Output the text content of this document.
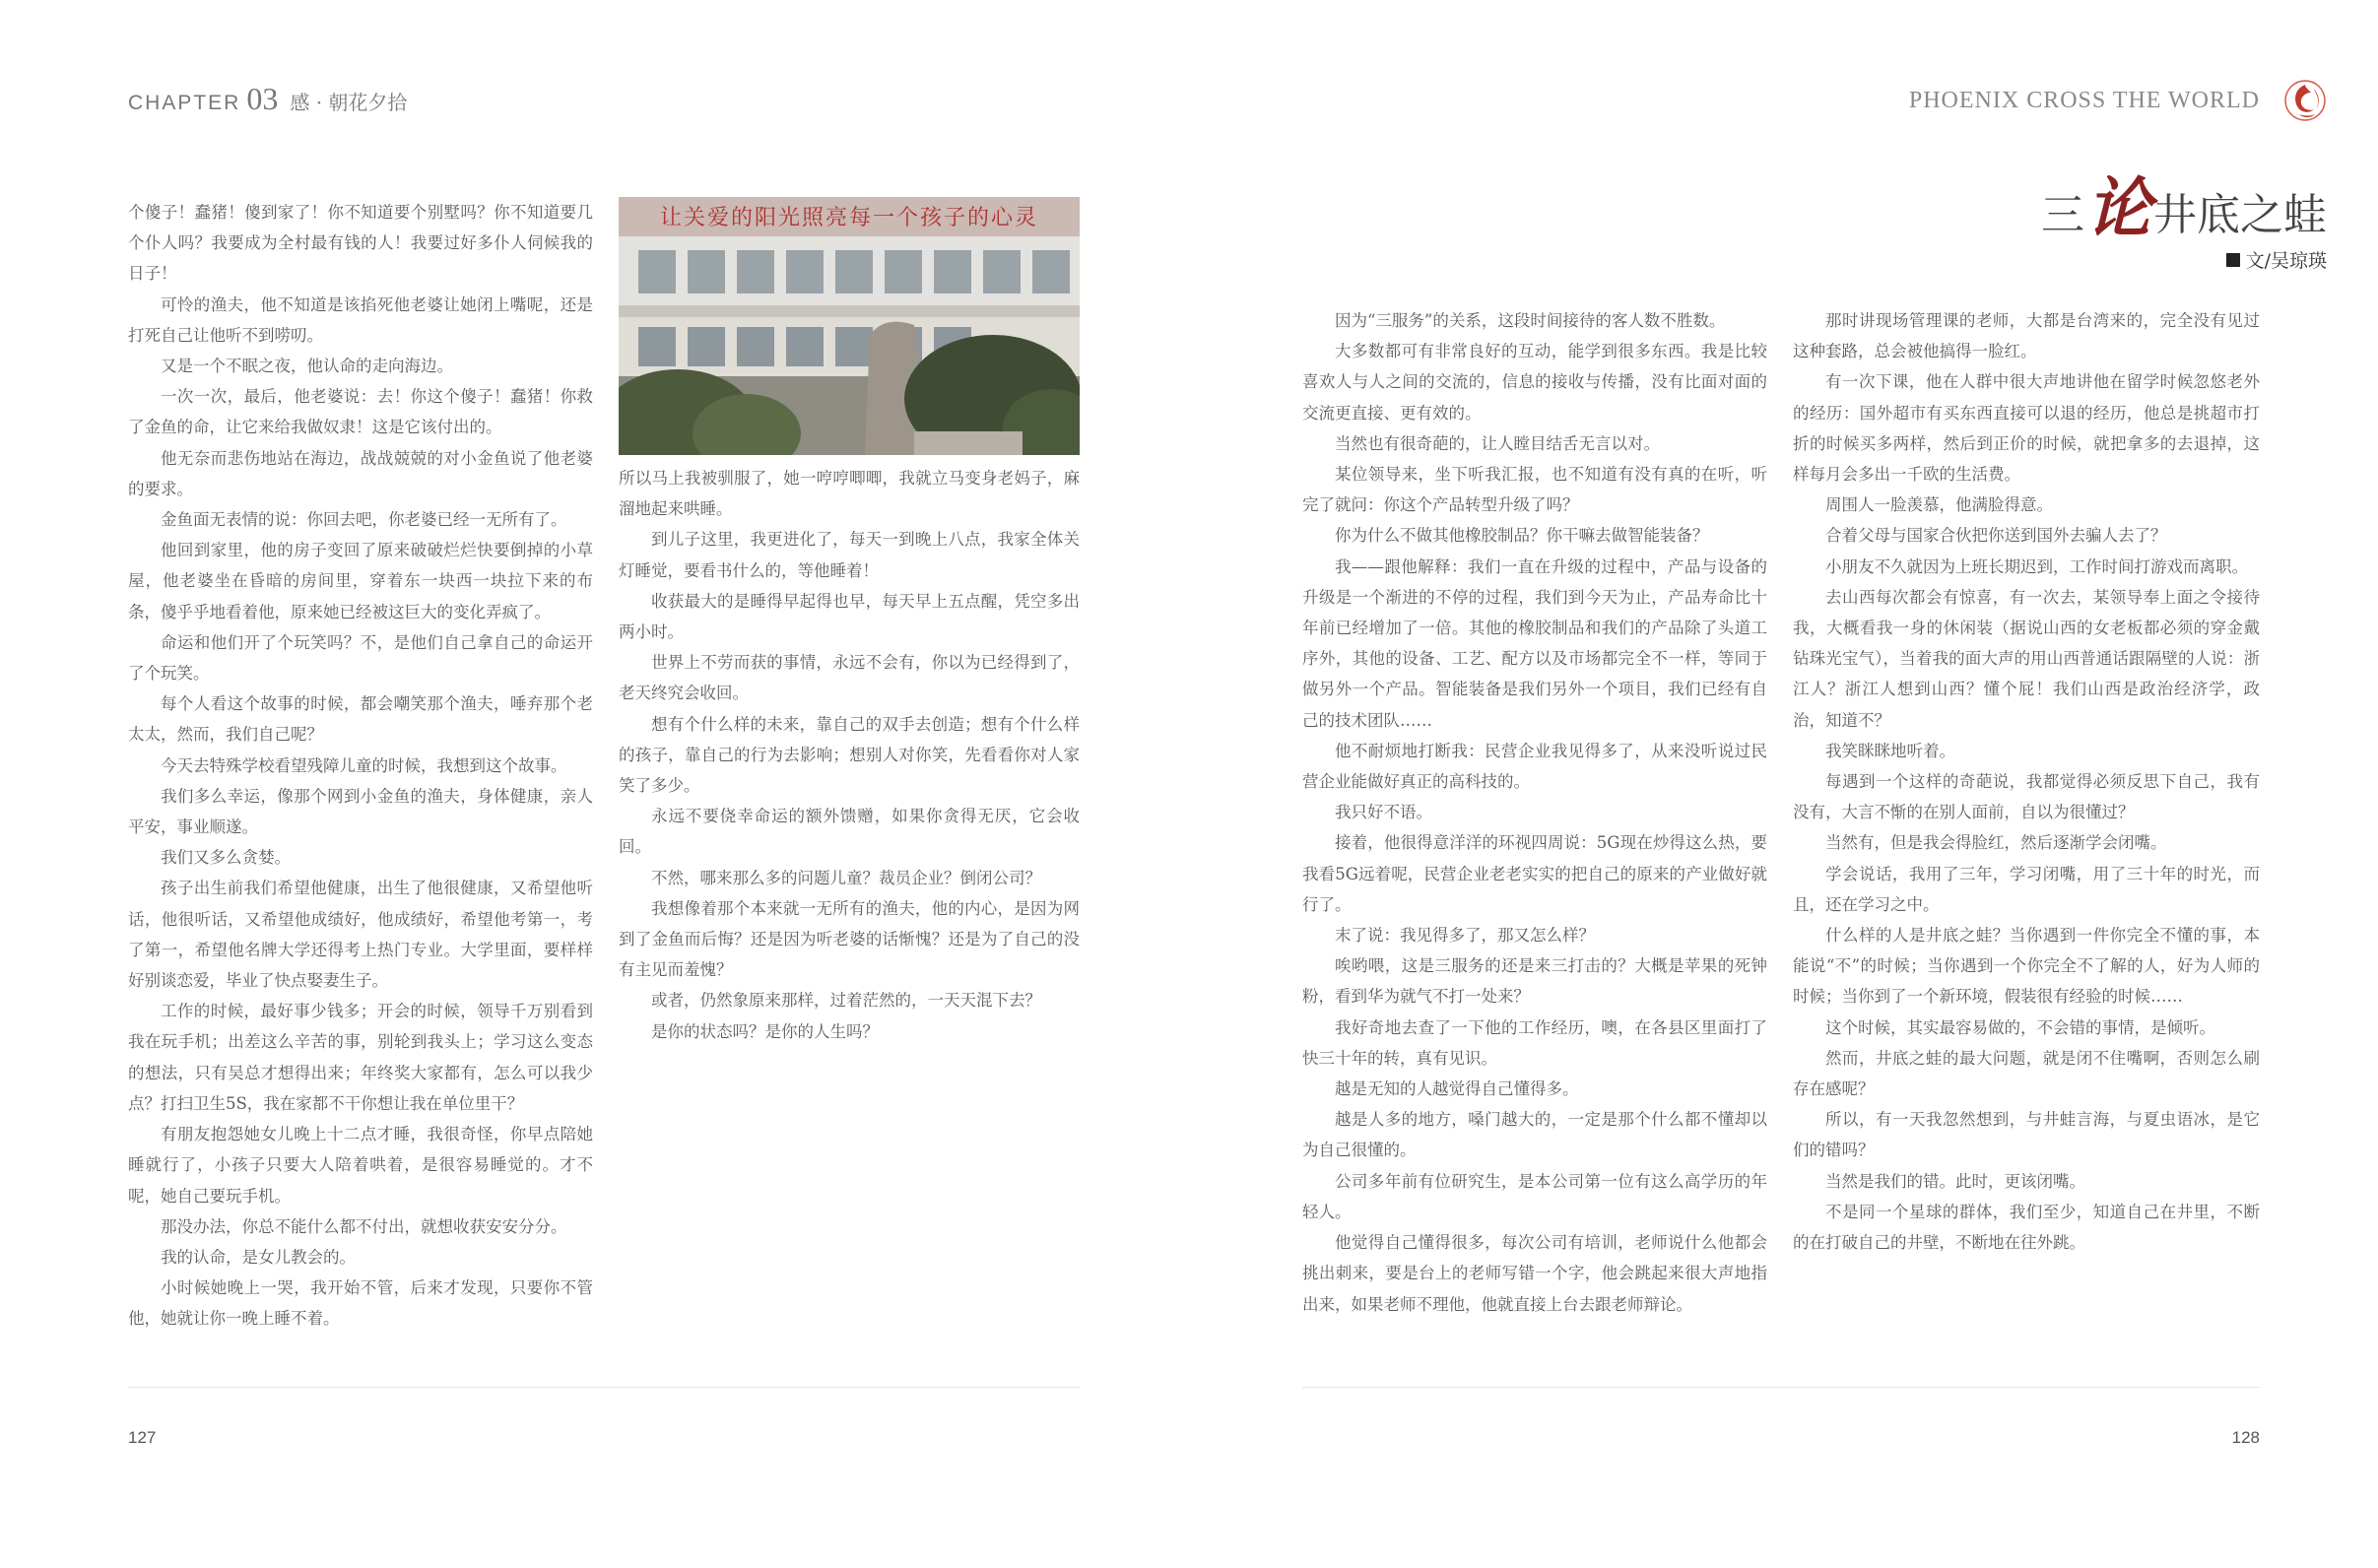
CHAPTER 03 感 · 朝花夕拾

个傻子！蠢猪！傻到家了！你不知道要个别墅吗？你不知道要几个仆人吗？我要成为全村最有钱的人！我要过好多仆人伺候我的日子！

可怜的渔夫，他不知道是该掐死他老婆让她闭上嘴呢，还是打死自己让他听不到唠叨。

又是一个不眠之夜，他认命的走向海边。

一次一次，最后，他老婆说：去！你这个傻子！蠢猪！你救了金鱼的命，让它来给我做奴隶！这是它该付出的。

他无奈而悲伤地站在海边，战战兢兢的对小金鱼说了他老婆的要求。

金鱼面无表情的说：你回去吧，你老婆已经一无所有了。

他回到家里，他的房子变回了原来破破烂烂快要倒掉的小草屋，他老婆坐在昏暗的房间里，穿着东一块西一块拉下来的布条，傻乎乎地看着他，原来她已经被这巨大的变化弄疯了。

命运和他们开了个玩笑吗？不，是他们自己拿自己的命运开了个玩笑。

每个人看这个故事的时候，都会嘲笑那个渔夫，唾弃那个老太太，然而，我们自己呢？

今天去特殊学校看望残障儿童的时候，我想到这个故事。

我们多么幸运，像那个网到小金鱼的渔夫，身体健康，亲人平安，事业顺遂。

我们又多么贪婪。

孩子出生前我们希望他健康，出生了他很健康，又希望他听话，他很听话，又希望他成绩好，他成绩好，希望他考第一，考了第一，希望他名牌大学还得考上热门专业。大学里面，要样样好别谈恋爱，毕业了快点娶妻生子。

工作的时候，最好事少钱多；开会的时候，领导千万别看到我在玩手机；出差这么辛苦的事，别轮到我头上；学习这么变态的想法，只有吴总才想得出来；年终奖大家都有，怎么可以我少点？打扫卫生5S，我在家都不干你想让我在单位里干？

有朋友抱怨她女儿晚上十二点才睡，我很奇怪，你早点陪她睡就行了，小孩子只要大人陪着哄着，是很容易睡觉的。才不呢，她自己要玩手机。

那没办法，你总不能什么都不付出，就想收获安安分分。

我的认命，是女儿教会的。

小时候她晚上一哭，我开始不管，后来才发现，只要你不管他，她就让你一晚上睡不着。

让关爱的阳光照亮每一个孩子的心灵

所以马上我被驯服了，她一哼哼唧唧，我就立马变身老妈子，麻溜地起来哄睡。

到儿子这里，我更进化了，每天一到晚上八点，我家全体关灯睡觉，要看书什么的，等他睡着！

收获最大的是睡得早起得也早，每天早上五点醒，凭空多出两小时。

世界上不劳而获的事情，永远不会有，你以为已经得到了，老天终究会收回。

想有个什么样的未来，靠自己的双手去创造；想有个什么样的孩子，靠自己的行为去影响；想别人对你笑，先看看你对人家笑了多少。

永远不要侥幸命运的额外馈赠，如果你贪得无厌，它会收回。

不然，哪来那么多的问题儿童？裁员企业？倒闭公司？

我想像着那个本来就一无所有的渔夫，他的内心，是因为网到了金鱼而后悔？还是因为听老婆的话惭愧？还是为了自己的没有主见而羞愧？

或者，仍然象原来那样，过着茫然的，一天天混下去？

是你的状态吗？是你的人生吗？

127
PHOENIX CROSS THE WORLD
三 论 井底之蛙
文/吴琼瑛

因为“三服务”的关系，这段时间接待的客人数不胜数。

大多数都可有非常良好的互动，能学到很多东西。我是比较喜欢人与人之间的交流的，信息的接收与传播，没有比面对面的交流更直接、更有效的。

当然也有很奇葩的，让人瞠目结舌无言以对。

某位领导来，坐下听我汇报，也不知道有没有真的在听，听完了就问：你这个产品转型升级了吗？

你为什么不做其他橡胶制品？你干嘛去做智能装备？

我——跟他解释：我们一直在升级的过程中，产品与设备的升级是一个渐进的不停的过程，我们到今天为止，产品寿命比十年前已经增加了一倍。其他的橡胶制品和我们的产品除了头道工序外，其他的设备、工艺、配方以及市场都完全不一样，等同于做另外一个产品。智能装备是我们另外一个项目，我们已经有自己的技术团队……

他不耐烦地打断我：民营企业我见得多了，从来没听说过民营企业能做好真正的高科技的。

我只好不语。

接着，他很得意洋洋的环视四周说：5G现在炒得这么热，要我看5G远着呢，民营企业老老实实的把自己的原来的产业做好就行了。

末了说：我见得多了，那又怎么样？

唉哟喂，这是三服务的还是来三打击的？大概是苹果的死钟粉，看到华为就气不打一处来？

我好奇地去查了一下他的工作经历，噢，在各县区里面打了快三十年的转，真有见识。

越是无知的人越觉得自己懂得多。

越是人多的地方，嗓门越大的，一定是那个什么都不懂却以为自己很懂的。

公司多年前有位研究生，是本公司第一位有这么高学历的年轻人。

他觉得自己懂得很多，每次公司有培训，老师说什么他都会挑出刺来，要是台上的老师写错一个字，他会跳起来很大声地指出来，如果老师不理他，他就直接上台去跟老师辩论。

那时讲现场管理课的老师，大都是台湾来的，完全没有见过这种套路，总会被他搞得一脸红。

有一次下课，他在人群中很大声地讲他在留学时候忽悠老外的经历：国外超市有买东西直接可以退的经历，他总是挑超市打折的时候买多两样，然后到正价的时候，就把拿多的去退掉，这样每月会多出一千欧的生活费。

周围人一脸羡慕，他满脸得意。

合着父母与国家合伙把你送到国外去骗人去了？

小朋友不久就因为上班长期迟到，工作时间打游戏而离职。

去山西每次都会有惊喜，有一次去，某领导奉上面之令接待我，大概看我一身的休闲装（据说山西的女老板都必须的穿金戴钻珠光宝气），当着我的面大声的用山西普通话跟隔壁的人说：浙江人？浙江人想到山西？懂个屁！我们山西是政治经济学，政治，知道不？

我笑眯眯地听着。

每遇到一个这样的奇葩说，我都觉得必须反思下自己，我有没有，大言不惭的在别人面前，自以为很懂过？

当然有，但是我会得脸红，然后逐渐学会闭嘴。

学会说话，我用了三年，学习闭嘴，用了三十年的时光，而且，还在学习之中。

什么样的人是井底之蛙？当你遇到一件你完全不懂的事，本能说“不”的时候；当你遇到一个你完全不了解的人，好为人师的时候；当你到了一个新环境，假装很有经验的时候……

这个时候，其实最容易做的，不会错的事情，是倾听。

然而，井底之蛙的最大问题，就是闭不住嘴啊，否则怎么刷存在感呢？

所以，有一天我忽然想到，与井蛙言海，与夏虫语冰，是它们的错吗？

当然是我们的错。此时，更该闭嘴。

不是同一个星球的群体，我们至少，知道自己在井里，不断的在打破自己的井壁，不断地在往外跳。

128
